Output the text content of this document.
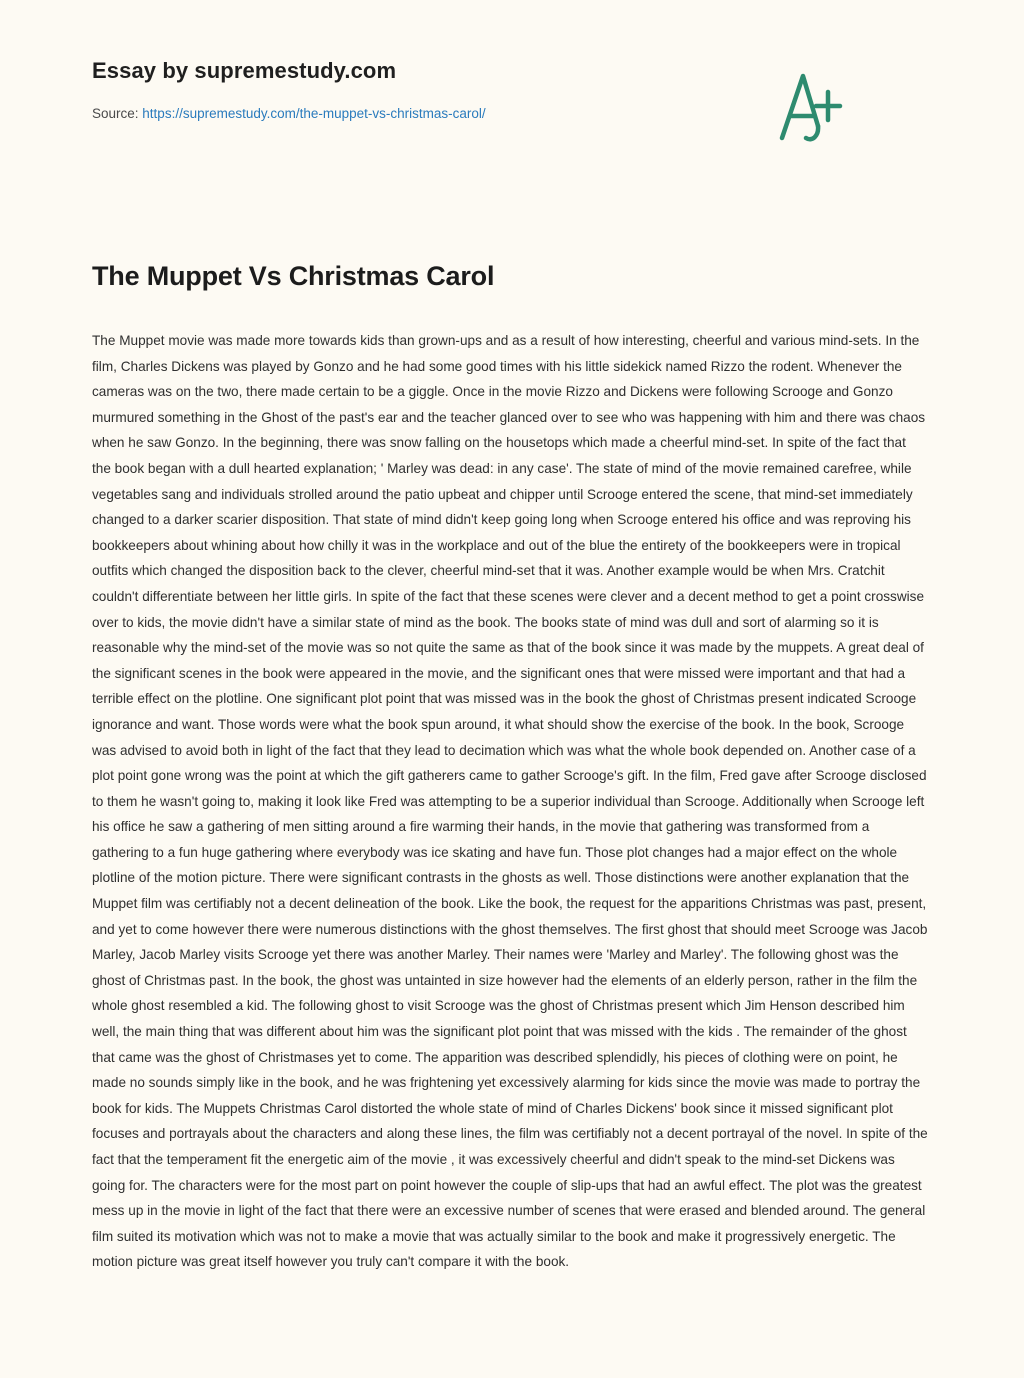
Essay by supremestudy.com
Source: https://supremestudy.com/the-muppet-vs-christmas-carol/
The Muppet Vs Christmas Carol

The Muppet movie was made more towards kids than grown-ups and as a result of how interesting, cheerful and various mind-sets. In the film, Charles Dickens was played by Gonzo and he had some good times with his little sidekick named Rizzo the rodent. Whenever the cameras was on the two, there made certain to be a giggle. Once in the movie Rizzo and Dickens were following Scrooge and Gonzo murmured something in the Ghost of the past's ear and the teacher glanced over to see who was happening with him and there was chaos when he saw Gonzo. In the beginning, there was snow falling on the housetops which made a cheerful mind-set. In spite of the fact that the book began with a dull hearted explanation; ' Marley was dead: in any case'. The state of mind of the movie remained carefree, while vegetables sang and individuals strolled around the patio upbeat and chipper until Scrooge entered the scene, that mind-set immediately changed to a darker scarier disposition. That state of mind didn't keep going long when Scrooge entered his office and was reproving his bookkeepers about whining about how chilly it was in the workplace and out of the blue the entirety of the bookkeepers were in tropical outfits which changed the disposition back to the clever, cheerful mind-set that it was. Another example would be when Mrs. Cratchit couldn't differentiate between her little girls. In spite of the fact that these scenes were clever and a decent method to get a point crosswise over to kids, the movie didn't have a similar state of mind as the book. The books state of mind was dull and sort of alarming so it is reasonable why the mind-set of the movie was so not quite the same as that of the book since it was made by the muppets. A great deal of the significant scenes in the book were appeared in the movie, and the significant ones that were missed were important and that had a terrible effect on the plotline. One significant plot point that was missed was in the book the ghost of Christmas present indicated Scrooge ignorance and want. Those words were what the book spun around, it what should show the exercise of the book. In the book, Scrooge was advised to avoid both in light of the fact that they lead to decimation which was what the whole book depended on. Another case of a plot point gone wrong was the point at which the gift gatherers came to gather Scrooge's gift. In the film, Fred gave after Scrooge disclosed to them he wasn't going to, making it look like Fred was attempting to be a superior individual than Scrooge. Additionally when Scrooge left his office he saw a gathering of men sitting around a fire warming their hands, in the movie that gathering was transformed from a gathering to a fun huge gathering where everybody was ice skating and have fun. Those plot changes had a major effect on the whole plotline of the motion picture. There were significant contrasts in the ghosts as well. Those distinctions were another explanation that the Muppet film was certifiably not a decent delineation of the book. Like the book, the request for the apparitions Christmas was past, present, and yet to come however there were numerous distinctions with the ghost themselves. The first ghost that should meet Scrooge was Jacob Marley, Jacob Marley visits Scrooge yet there was another Marley. Their names were 'Marley and Marley'. The following ghost was the ghost of Christmas past. In the book, the ghost was untainted in size however had the elements of an elderly person, rather in the film the whole ghost resembled a kid. The following ghost to visit Scrooge was the ghost of Christmas present which Jim Henson described him well, the main thing that was different about him was the significant plot point that was missed with the kids . The remainder of the ghost that came was the ghost of Christmases yet to come. The apparition was described splendidly, his pieces of clothing were on point, he made no sounds simply like in the book, and he was frightening yet excessively alarming for kids since the movie was made to portray the book for kids. The Muppets Christmas Carol distorted the whole state of mind of Charles Dickens' book since it missed significant plot focuses and portrayals about the characters and along these lines, the film was certifiably not a decent portrayal of the novel. In spite of the fact that the temperament fit the energetic aim of the movie , it was excessively cheerful and didn't speak to the mind-set Dickens was going for. The characters were for the most part on point however the couple of slip-ups that had an awful effect. The plot was the greatest mess up in the movie in light of the fact that there were an excessive number of scenes that were erased and blended around. The general film suited its motivation which was not to make a movie that was actually similar to the book and make it progressively energetic. The motion picture was great itself however you truly can't compare it with the book.
